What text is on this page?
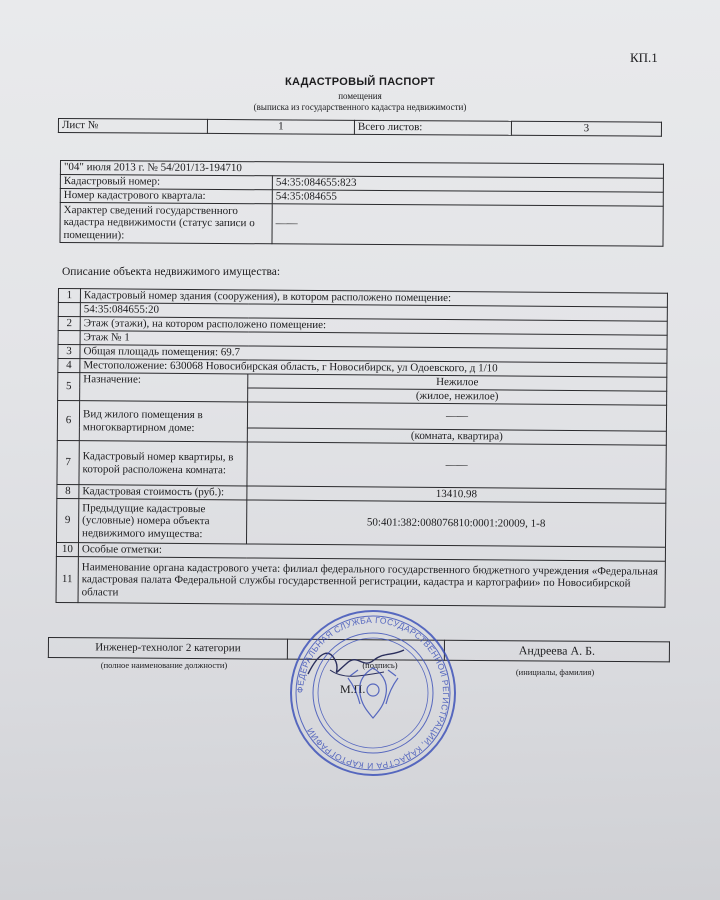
КП.1
КАДАСТРОВЫЙ ПАСПОРТ
помещения
(выписка из государственного кадастра недвижимости)
Лист №	1	Всего листов:	3
"04" июля 2013 г. № 54/201/13-194710	
Кадастровый номер:	54:35:084655:823
Номер кадастрового квартала:	54:35:084655
Характер сведений государственного кадастра недвижимости (статус записи о помещении):	——
Описание объекта недвижимого имущества:
1	Кадастровый номер здания (сооружения), в котором расположено помещение:	
	54:35:084655:20	
2	Этаж (этажи), на котором расположено помещение:	
	Этаж № 1	
3	Общая площадь помещения: 69.7	
4	Местоположение: 630068 Новосибирская область, г Новосибирск, ул Одоевского, д 1/10	
5	Назначение:	Нежилое
		(жилое, нежилое)
6	Вид жилого помещения в многоквартирном доме:	——
		(комната, квартира)
7	Кадастровый номер квартиры, в которой расположена комната:	——
8	Кадастровая стоимость (руб.):	13410.98
9	Предыдущие кадастровые (условные) номера объекта недвижимого имущества:	50:401:382:008076810:0001:20009, 1-8
10	Особые отметки:	
11	Наименование органа кадастрового учета: филиал федерального государственного бюджетного учреждения «Федеральная кадастровая палата Федеральной службы государственной регистрации, кадастра и картографии» по Новосибирской области	
Инженер-технолог 2 категории		Андреева А. Б.
(полное наименование должности)	(подпись)
(инициалы, фамилия)
М.П.
ФЕДЕРАЛЬНАЯ СЛУЖБА ГОСУДАРСТВЕННОЙ РЕГИСТРАЦИИ, КАДАСТРА И КАРТОГРАФИИ
